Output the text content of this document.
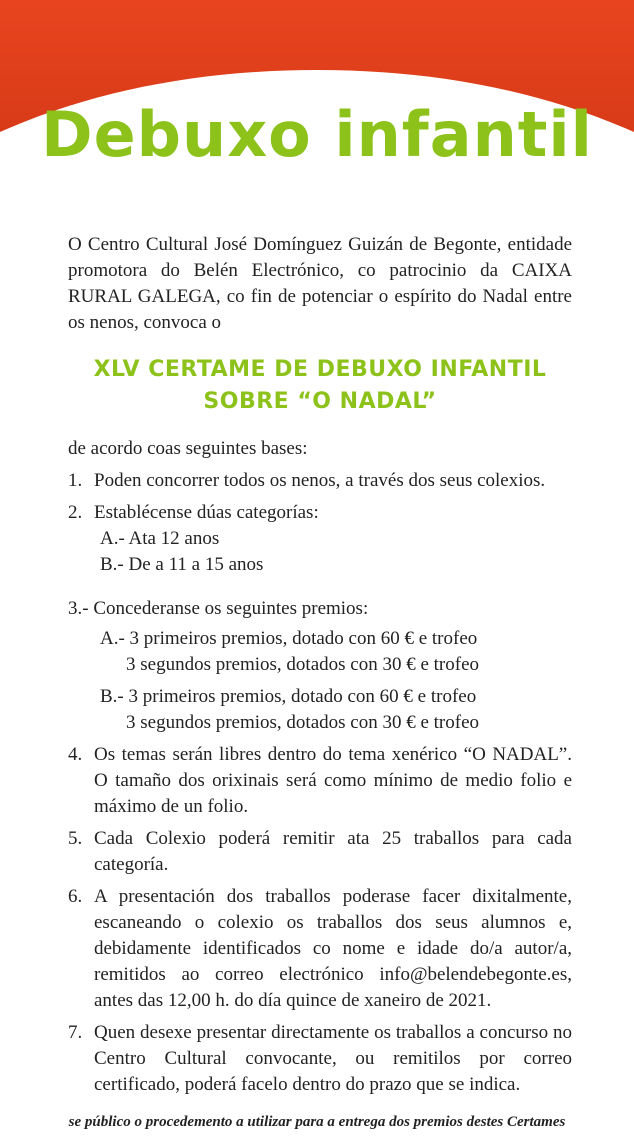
Debuxo infantil

O Centro Cultural José Domínguez Guizán de Begonte, entidade promotora do Belén Electrónico, co patrocinio da CAIXA RURAL GALEGA, co fin de potenciar o espírito do Nadal entre os nenos, convoca o

XLV CERTAME DE DEBUXO INFANTIL
SOBRE “O NADAL”

de acordo coas seguintes bases:

1. Poden concorrer todos os nenos, a través dos seus colexios.
2. Establécense dúas categorías:
A.- Ata 12 anos
B.- De a 11 a 15 anos
3.- Concederanse os seguintes premios:
A.- 3 primeiros premios, dotado con 60 € e trofeo
3 segundos premios, dotados con 30 € e trofeo
B.- 3 primeiros premios, dotado con 60 € e trofeo
3 segundos premios, dotados con 30 € e trofeo
4. Os temas serán libres dentro do tema xenérico “O NADAL”. O tamaño dos orixinais será como mínimo de medio folio e máximo de un folio.
5. Cada Colexio poderá remitir ata 25 traballos para cada categoría.
6. A presentación dos traballos poderase facer dixitalmente, escaneando o colexio os traballos dos seus alumnos e, debidamente identificados co nome e idade do/a autor/a, remitidos ao correo electrónico info@belendebegonte.es, antes das 12,00 h. do día quince de xaneiro de 2021.
7. Quen desexe presentar directamente os traballos a concurso no Centro Cultural convocante, ou remitilos por correo certificado, poderá facelo dentro do prazo que se indica.
se público o procedemento a utilizar para a entrega dos premios destes Certames
